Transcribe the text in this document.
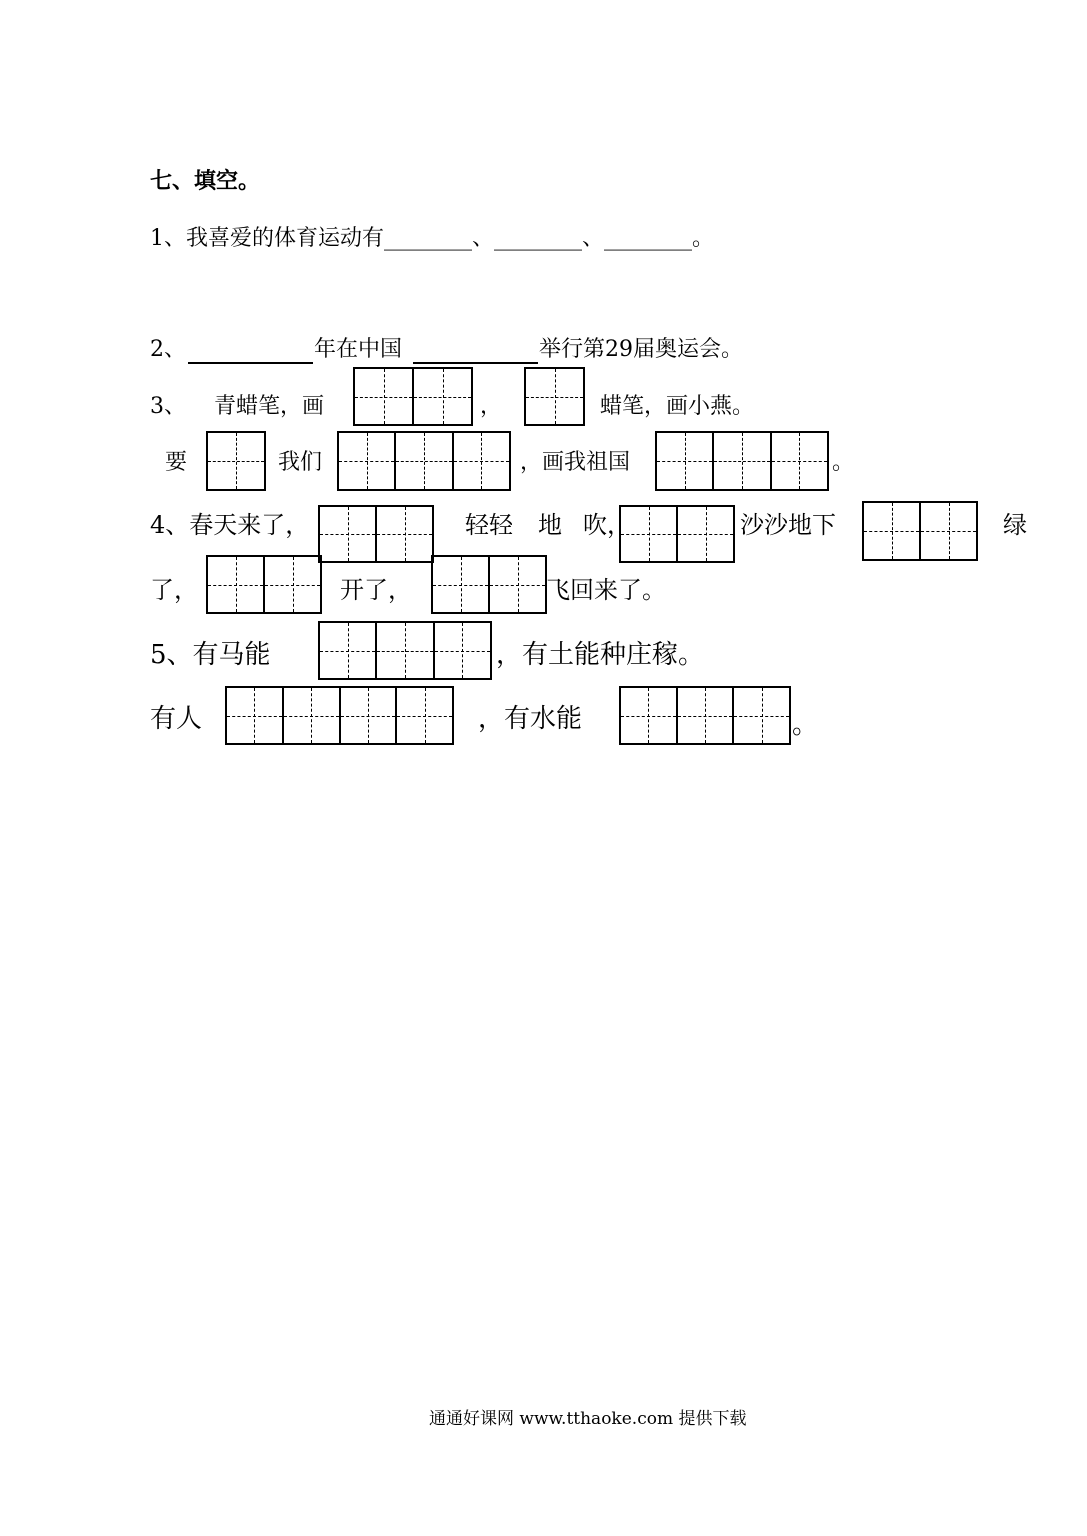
七、填空。
1、我喜爱的体育运动有________、________、________。
2、	年在中国	举行第29届奥运会。
3、 青蜡笔，画	，	蜡笔，画小燕。
要	我们	，画我祖国	。
4、春天来了，	轻轻 地 吹，	沙沙地下	绿
了，	开了，	飞回来了。
5、有马能	，有土能种庄稼。
有人	，有水能	。
通通好课网 www.tthaoke.com 提供下载
